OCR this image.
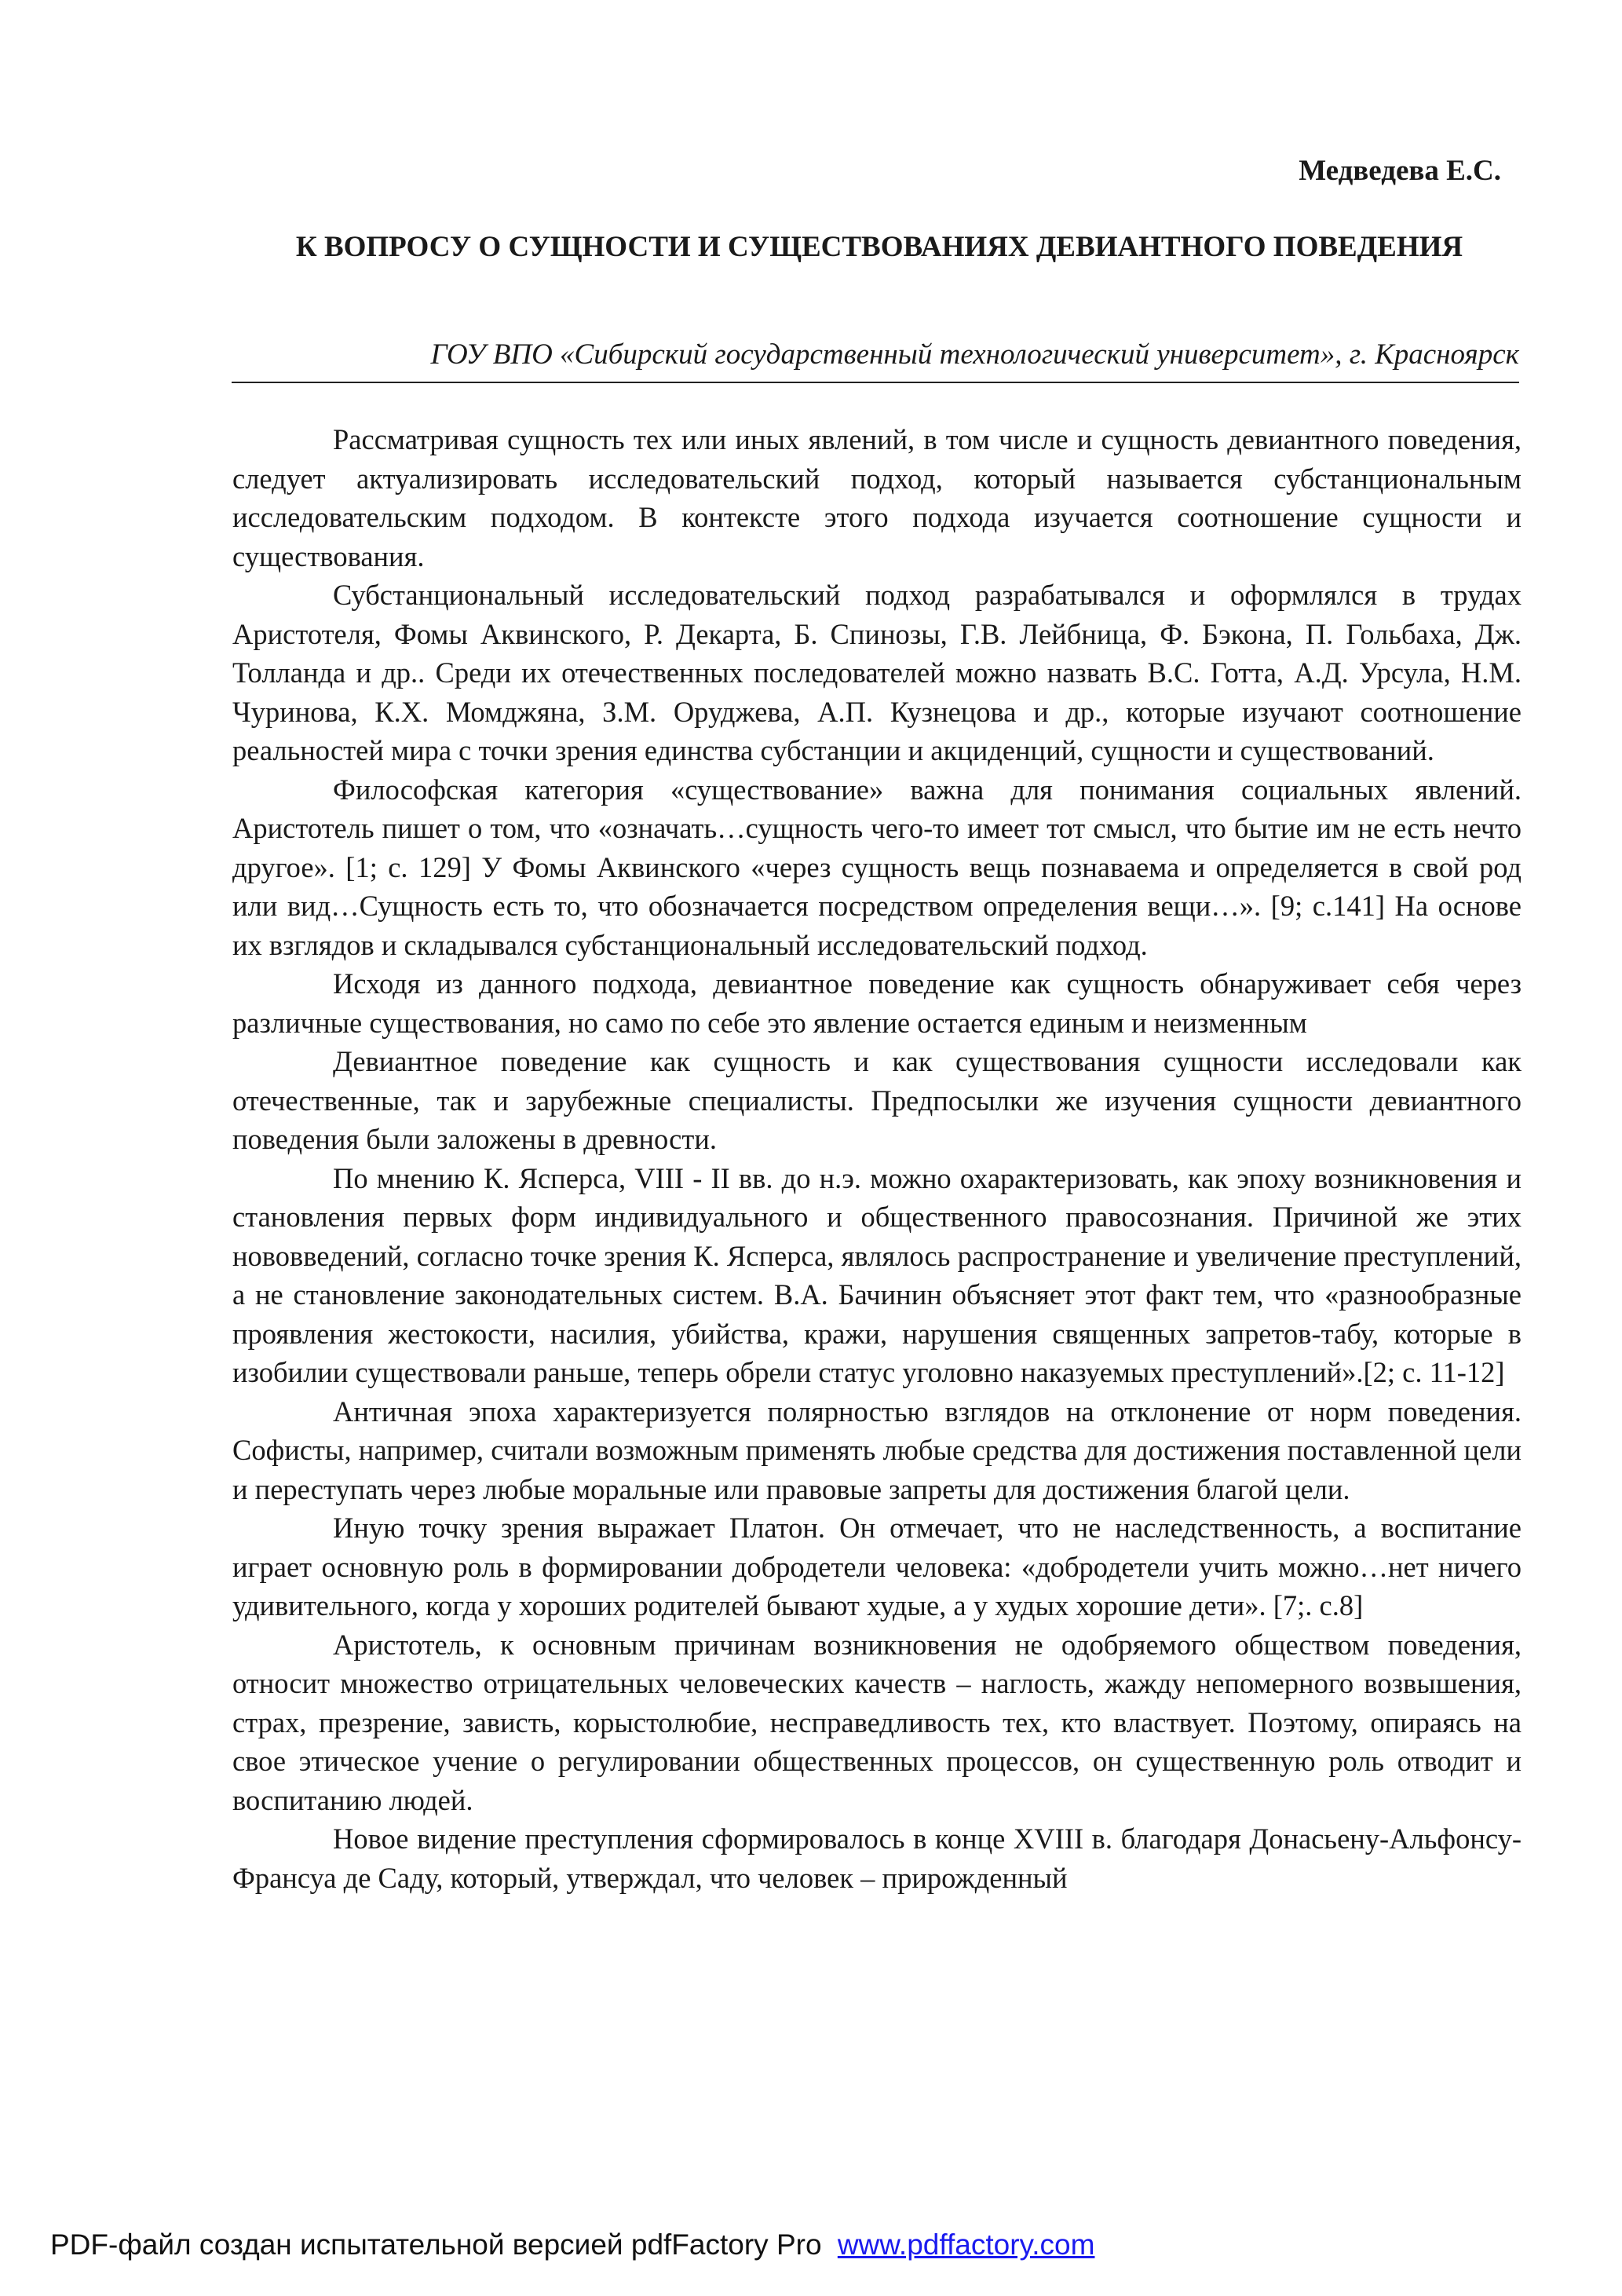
Медведева Е.С.

К ВОПРОСУ О СУЩНОСТИ И СУЩЕСТВОВАНИЯХ ДЕВИАНТНОГО ПОВЕДЕНИЯ

ГОУ ВПО «Сибирский государственный технологический университет», г. Красноярск

Рассматривая сущность тех или иных явлений, в том числе и сущность девиантного поведения, следует актуализировать исследовательский подход, который называется субстанциональным исследовательским подходом. В контексте этого подхода изучается соотношение сущности и существования.

Субстанциональный исследовательский подход разрабатывался и оформлялся в трудах Аристотеля, Фомы Аквинского, Р. Декарта, Б. Спинозы, Г.В. Лейбница, Ф. Бэкона, П. Гольбаха, Дж. Толланда и др.. Среди их отечественных последователей можно назвать В.С. Готта, А.Д. Урсула, Н.М. Чуринова, К.Х. Момджяна, З.М. Оруджева, А.П. Кузнецова и др., которые изучают соотношение реальностей мира с точки зрения единства субстанции и акциденций, сущности и существований.

Философская категория «существование» важна для понимания социальных явлений. Аристотель пишет о том, что «означать…сущность чего-то имеет тот смысл, что бытие им не есть нечто другое». [1; с. 129] У Фомы Аквинского «через сущность вещь познаваема и определяется в свой род или вид…Сущность есть то, что обозначается посредством определения вещи…». [9; с.141] На основе их взглядов и складывался субстанциональный исследовательский подход.

Исходя из данного подхода, девиантное поведение как сущность обнаруживает себя через различные существования, но само по себе это явление остается единым и неизменным

Девиантное поведение как сущность и как существования сущности исследовали как отечественные, так и зарубежные специалисты. Предпосылки же изучения сущности девиантного поведения были заложены в древности.

По мнению К. Ясперса, VIII - II вв. до н.э. можно охарактеризовать, как эпоху возникновения и становления первых форм индивидуального и общественного правосознания. Причиной же этих нововведений, согласно точке зрения К. Ясперса, являлось распространение и увеличение преступлений, а не становление законодательных систем. В.А. Бачинин объясняет этот факт тем, что «разнообразные проявления жестокости, насилия, убийства, кражи, нарушения священных запретов-табу, которые в изобилии существовали раньше, теперь обрели статус уголовно наказуемых преступлений».[2; с. 11-12]

Античная эпоха характеризуется полярностью взглядов на отклонение от норм поведения. Софисты, например, считали возможным применять любые средства для достижения поставленной цели и переступать через любые моральные или правовые запреты для достижения благой цели.

Иную точку зрения выражает Платон. Он отмечает, что не наследственность, а воспитание играет основную роль в формировании добродетели человека: «добродетели учить можно…нет ничего удивительного, когда у хороших родителей бывают худые, а у худых хорошие дети». [7;. с.8]

Аристотель, к основным причинам возникновения не одобряемого обществом поведения, относит множество отрицательных человеческих качеств – наглость, жажду непомерного возвышения, страх, презрение, зависть, корыстолюбие, несправедливость тех, кто властвует. Поэтому, опираясь на свое этическое учение о регулировании общественных процессов, он существенную роль отводит и воспитанию людей.

Новое видение преступления сформировалось в конце XVIII в. благодаря Донасьену-Альфонсу-Франсуа де Саду, который, утверждал, что человек – прирожденный

PDF-файл создан испытательной версией pdfFactory Pro www.pdffactory.com
